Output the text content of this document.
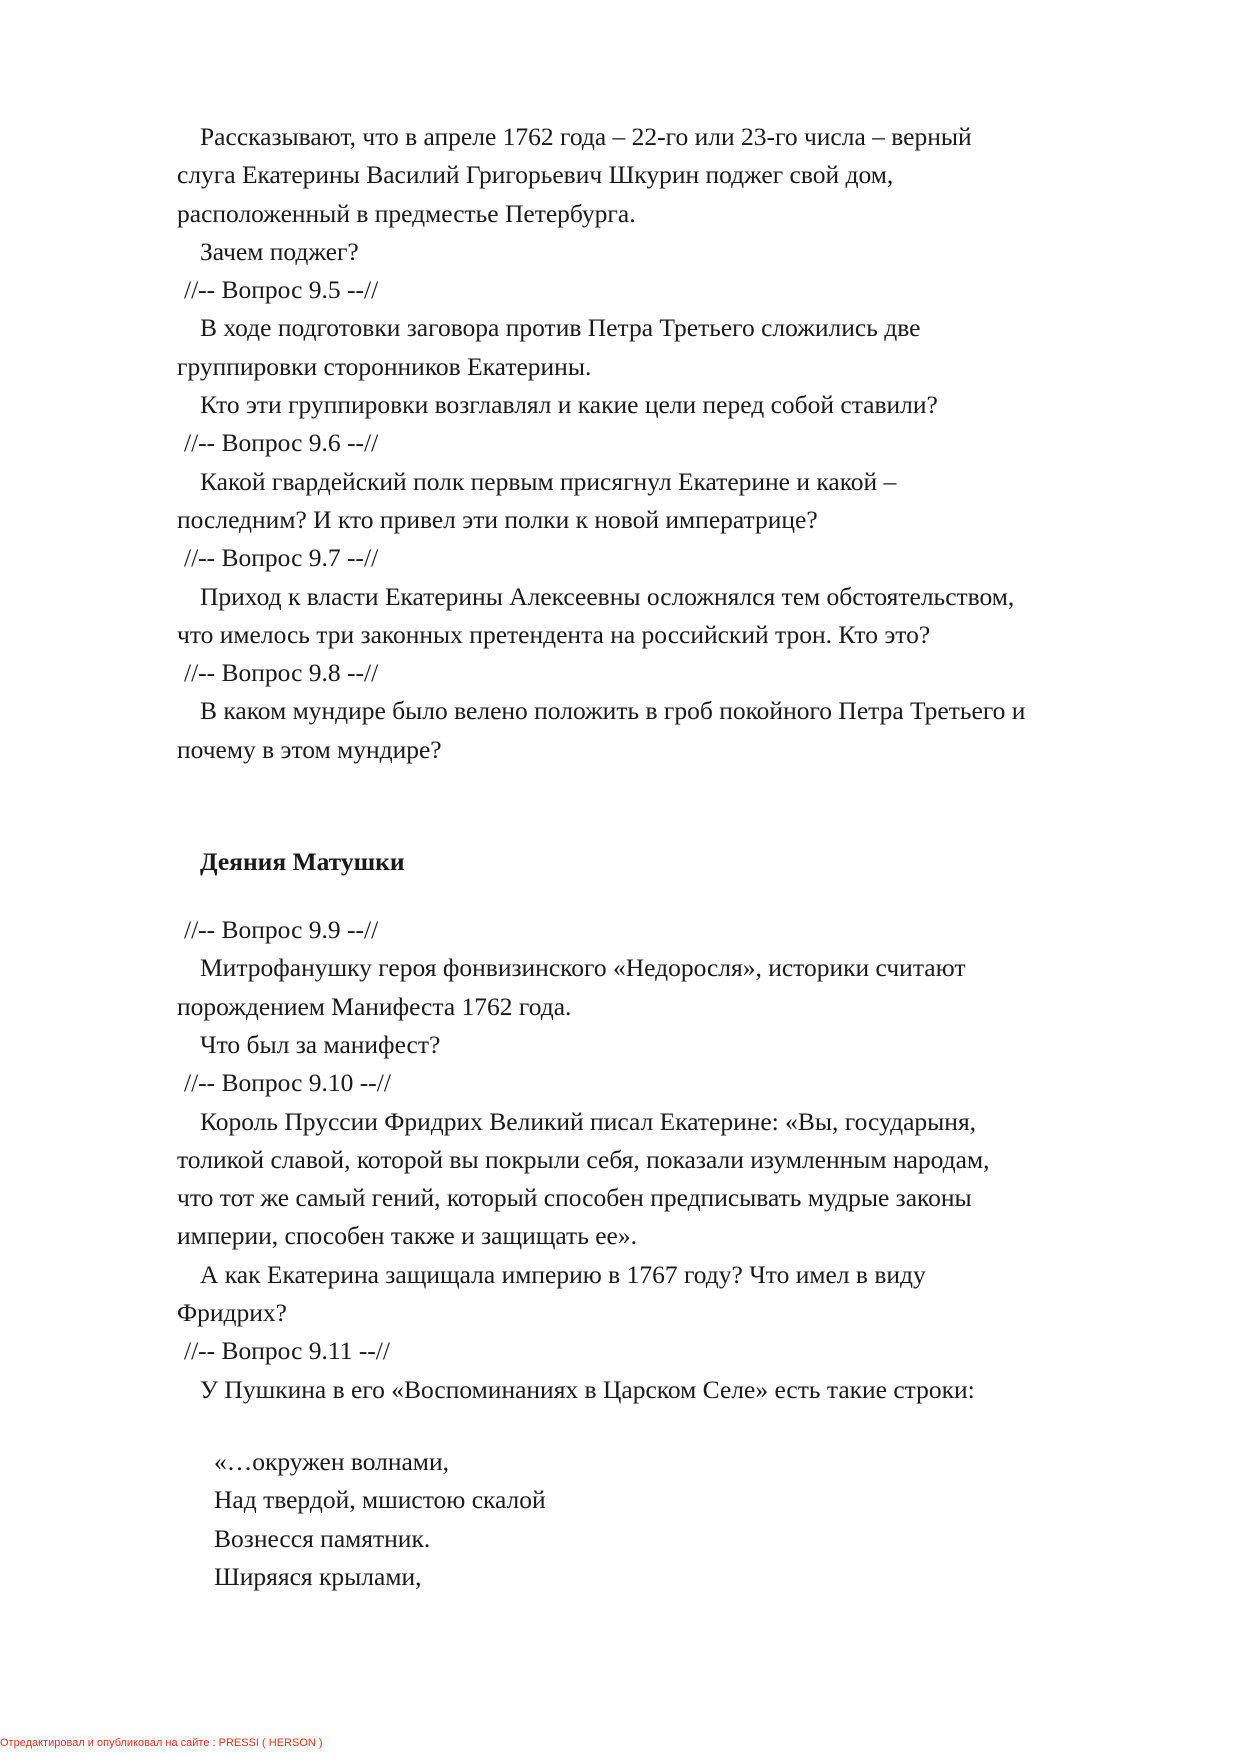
Рассказывают, что в апреле 1762 года – 22-го или 23-го числа – верный

слуга Екатерины Василий Григорьевич Шкурин поджег свой дом,

расположенный в предместье Петербурга.

Зачем поджег?

//-- Вопрос 9.5 --//

В ходе подготовки заговора против Петра Третьего сложились две

группировки сторонников Екатерины.

Кто эти группировки возглавлял и какие цели перед собой ставили?

//-- Вопрос 9.6 --//

Какой гвардейский полк первым присягнул Екатерине и какой –

последним? И кто привел эти полки к новой императрице?

//-- Вопрос 9.7 --//

Приход к власти Екатерины Алексеевны осложнялся тем обстоятельством,

что имелось три законных претендента на российский трон. Кто это?

//-- Вопрос 9.8 --//

В каком мундире было велено положить в гроб покойного Петра Третьего и

почему в этом мундире?

Деяния Матушки

//-- Вопрос 9.9 --//

Митрофанушку героя фонвизинского «Недоросля», историки считают

порождением Манифеста 1762 года.

Что был за манифест?

//-- Вопрос 9.10 --//

Король Пруссии Фридрих Великий писал Екатерине: «Вы, государыня,

толикой славой, которой вы покрыли себя, показали изумленным народам,

что тот же самый гений, который способен предписывать мудрые законы

империи, способен также и защищать ее».

А как Екатерина защищала империю в 1767 году? Что имел в виду

Фридрих?

//-- Вопрос 9.11 --//

У Пушкина в его «Воспоминаниях в Царском Селе» есть такие строки:

«…окружен волнами,

Над твердой, мшистою скалой

Вознесся памятник.

Ширяяся крылами,

Отредактировал и опубликовал на сайте : PRESSI ( HERSON )
